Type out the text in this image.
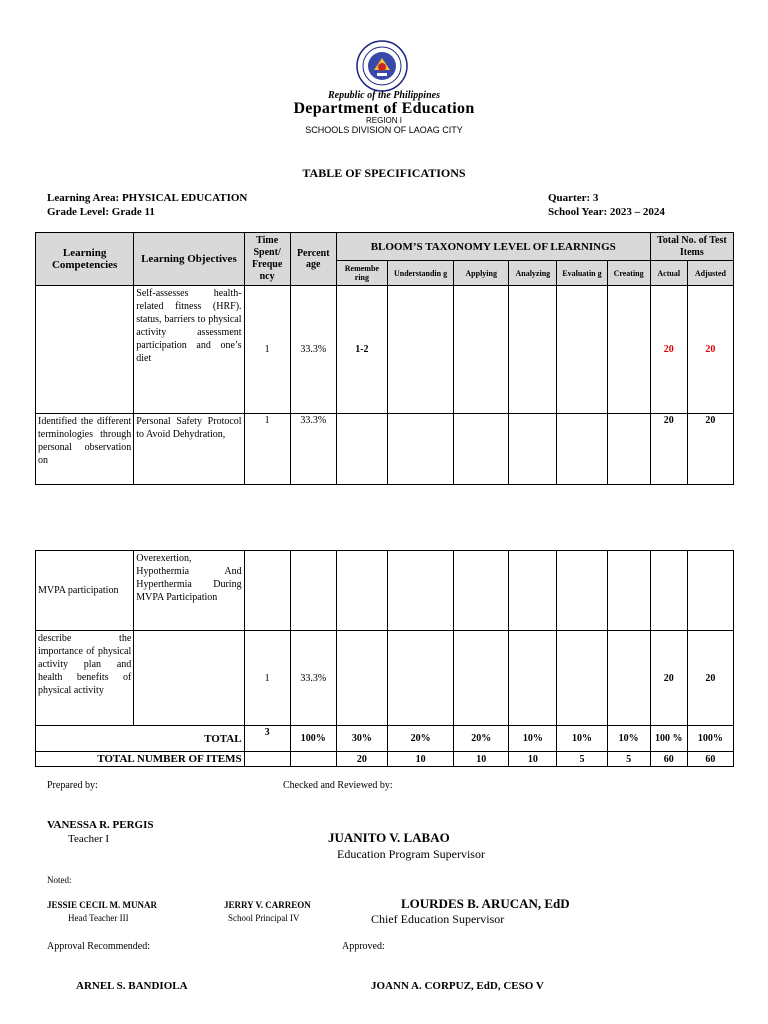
Republic of the Philippines
Department of Education
REGION I
SCHOOLS DIVISION OF LAOAG CITY
TABLE OF SPECIFICATIONS
Learning Area: PHYSICAL EDUCATION
Grade Level: Grade 11
Quarter: 3
School Year: 2023 – 2024
Learning Competencies	Learning Objectives	Time Spent/ Freque ncy	Percent age	BLOOM’S TAXONOMY LEVEL OF LEARNINGS						Total No. of Test Items	
				Remembe ring	Understandin g	Applying	Analyzing	Evaluatin g	Creating	Actual	Adjusted
	Self-assesses health-related fitness (HRF). status, barriers to physical activity assessment participation and one’s diet	1	33.3%	1-2						20	20
Identified the different terminologies through personal observation on	Personal Safety Protocol to Avoid Dehydration,	1	33.3%							20	20
MVPA participation	Overexertion, Hypothermia And Hyperthermia During MVPA Participation										
describe the importance of physical activity plan and health benefits of physical activity		1	33.3%							20	20
TOTAL		3	100%	30%	20%	20%	10%	10%	10%	100 %	100%
TOTAL NUMBER OF ITEMS				20	10	10	10	5	5	60	60
Prepared by:	Checked and Reviewed by:
VANESSA R. PERGIS
Teacher I	JUANITO V. LABAO
Education Program Supervisor
Noted:
JESSIE CECIL M. MUNAR
Head Teacher III
JERRY V. CARREON
School Principal IV
LOURDES B. ARUCAN, EdD
Chief Education Supervisor
Approval Recommended:	Approved:
ARNEL S. BANDIOLA	JOANN A. CORPUZ, EdD, CESO V
